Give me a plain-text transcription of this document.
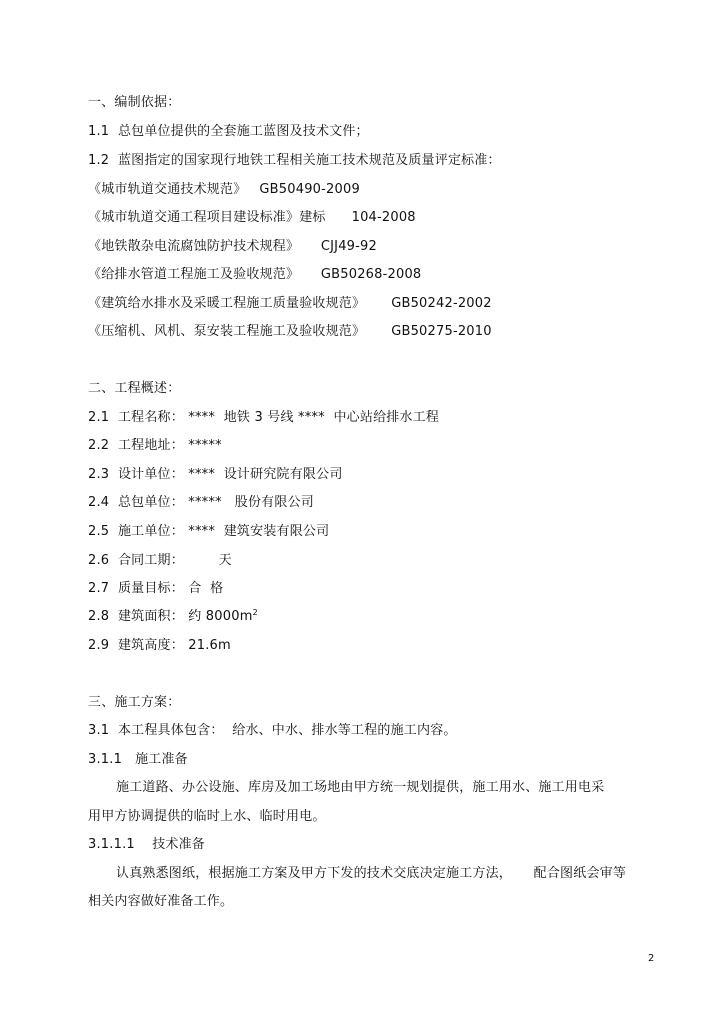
一、编制依据：
1.1  总包单位提供的全套施工蓝图及技术文件；
1.2  蓝图指定的国家现行地铁工程相关施工技术规范及质量评定标准：
《城市轨道交通技术规范》   GB50490-2009
《城市轨道交通工程项目建设标准》建标      104-2008
《地铁散杂电流腐蚀防护技术规程》     CJJ49-92
《给排水管道工程施工及验收规范》     GB50268-2008
《建筑给水排水及采暖工程施工质量验收规范》      GB50242-2002
《压缩机、风机、泵安装工程施工及验收规范》      GB50275-2010
二、工程概述：
2.1  工程名称： ****  地铁 3 号线 ****  中心站给排水工程
2.2  工程地址： *****
2.3  设计单位： ****  设计研究院有限公司
2.4  总包单位： *****   股份有限公司
2.5  施工单位： ****  建筑安装有限公司
2.6  合同工期：        天
2.7  质量目标： 合  格
2.8  建筑面积： 约 $8000m^2$
2.9  建筑高度： 21.6m
三、施工方案：
3.1  本工程具体包含：  给水、中水、排水等工程的施工内容。
3.1.1   施工准备
施工道路、办公设施、库房及加工场地由甲方统一规划提供，施工用水、施工用电采
用甲方协调提供的临时上水、临时用电。
3.1.1.1    技术准备
认真熟悉图纸，根据施工方案及甲方下发的技术交底决定施工方法，     配合图纸会审等
相关内容做好准备工作。
2
